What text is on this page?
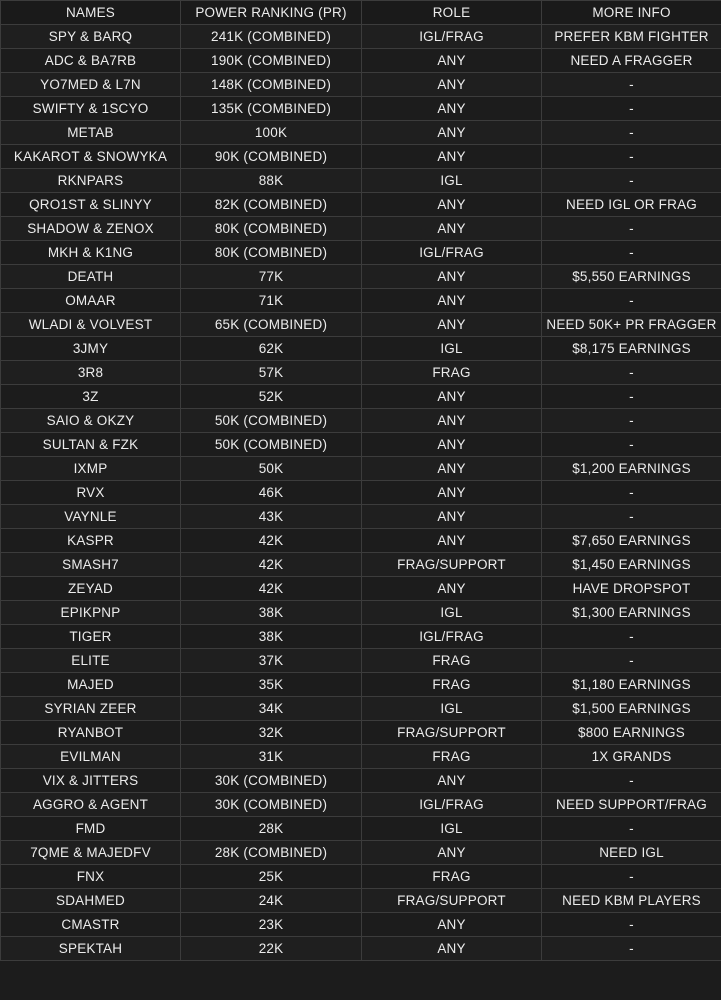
NAMES	POWER RANKING (PR)	ROLE	MORE INFO
SPY & BARQ	241K (COMBINED)	IGL/FRAG	PREFER KBM FIGHTER
ADC & BA7RB	190K (COMBINED)	ANY	NEED A FRAGGER
YO7MED & L7N	148K (COMBINED)	ANY	-
SWIFTY & 1SCYO	135K (COMBINED)	ANY	-
METAB	100K	ANY	-
KAKAROT & SNOWYKA	90K (COMBINED)	ANY	-
RKNPARS	88K	IGL	-
QRO1ST & SLINYY	82K (COMBINED)	ANY	NEED IGL OR FRAG
SHADOW & ZENOX	80K (COMBINED)	ANY	-
MKH & K1NG	80K (COMBINED)	IGL/FRAG	-
DEATH	77K	ANY	$5,550 EARNINGS
OMAAR	71K	ANY	-
WLADI & VOLVEST	65K (COMBINED)	ANY	NEED 50K+ PR FRAGGER
3JMY	62K	IGL	$8,175 EARNINGS
3R8	57K	FRAG	-
3Z	52K	ANY	-
SAIO & OKZY	50K (COMBINED)	ANY	-
SULTAN & FZK	50K (COMBINED)	ANY	-
IXMP	50K	ANY	$1,200 EARNINGS
RVX	46K	ANY	-
VAYNLE	43K	ANY	-
KASPR	42K	ANY	$7,650 EARNINGS
SMASH7	42K	FRAG/SUPPORT	$1,450 EARNINGS
ZEYAD	42K	ANY	HAVE DROPSPOT
EPIKPNP	38K	IGL	$1,300 EARNINGS
TIGER	38K	IGL/FRAG	-
ELITE	37K	FRAG	-
MAJED	35K	FRAG	$1,180 EARNINGS
SYRIAN ZEER	34K	IGL	$1,500 EARNINGS
RYANBOT	32K	FRAG/SUPPORT	$800 EARNINGS
EVILMAN	31K	FRAG	1X GRANDS
VIX & JITTERS	30K (COMBINED)	ANY	-
AGGRO & AGENT	30K (COMBINED)	IGL/FRAG	NEED SUPPORT/FRAG
FMD	28K	IGL	-
7QME & MAJEDFV	28K (COMBINED)	ANY	NEED IGL
FNX	25K	FRAG	-
SDAHMED	24K	FRAG/SUPPORT	NEED KBM PLAYERS
CMASTR	23K	ANY	-
SPEKTAH	22K	ANY	-
